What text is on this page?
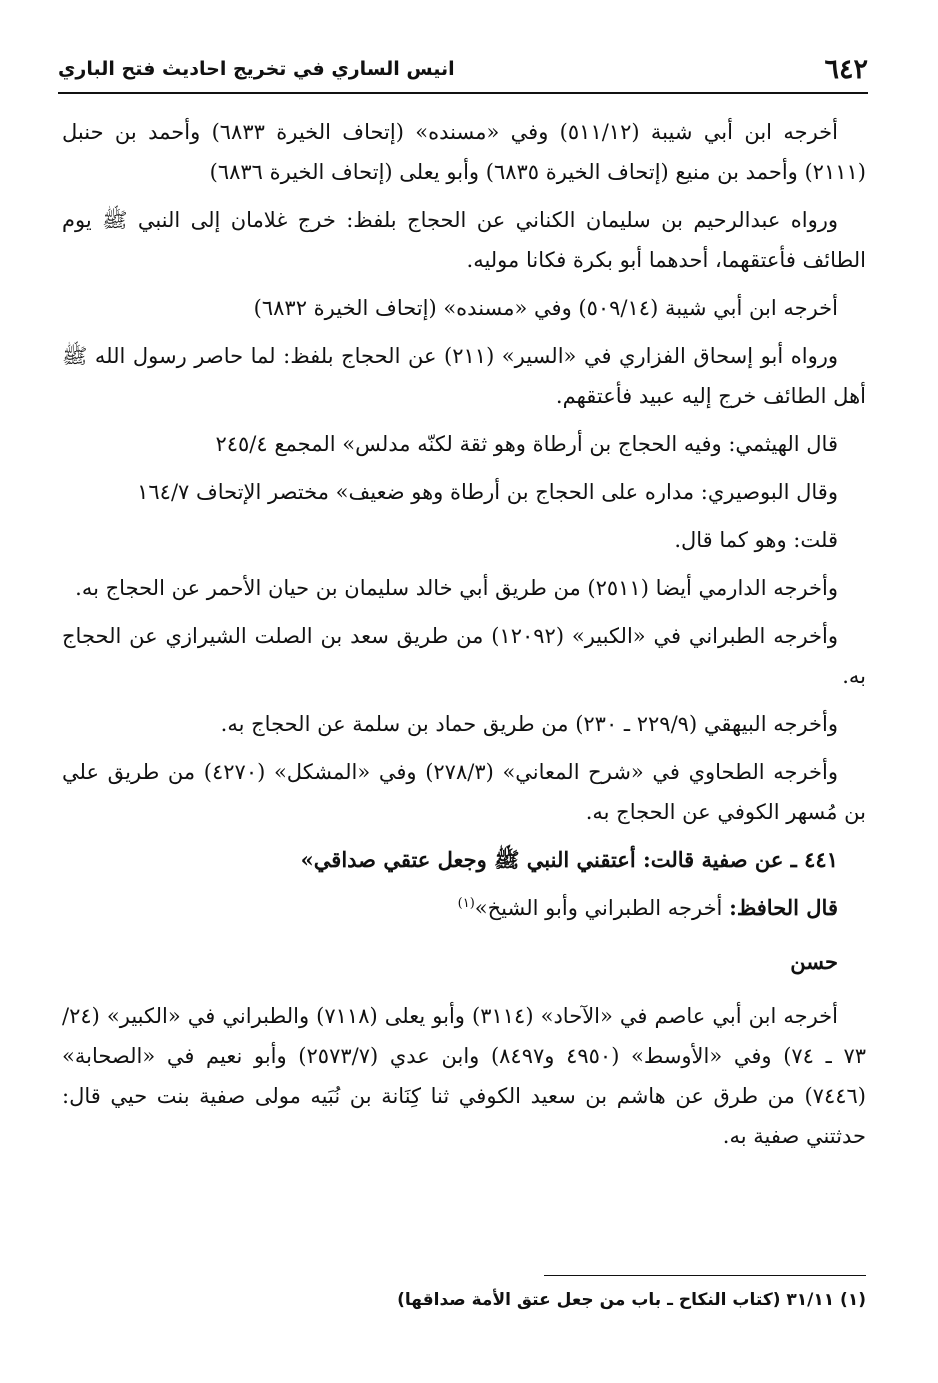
٦٤٢
انيس الساري في تخريج احاديث فتح الباري

أخرجه ابن أبي شيبة (٥١١/١٢) وفي «مسنده» (إتحاف الخيرة ٦٨٣٣) وأحمد بن حنبل (٢١١١) وأحمد بن منيع (إتحاف الخيرة ٦٨٣٥) وأبو يعلى (إتحاف الخيرة ٦٨٣٦)

ورواه عبدالرحيم بن سليمان الكناني عن الحجاج بلفظ: خرج غلامان إلى النبي ﷺ يوم الطائف فأعتقهما، أحدهما أبو بكرة فكانا موليه.

أخرجه ابن أبي شيبة (٥٠٩/١٤) وفي «مسنده» (إتحاف الخيرة ٦٨٣٢)

ورواه أبو إسحاق الفزاري في «السير» (٢١١) عن الحجاج بلفظ: لما حاصر رسول الله ﷺ أهل الطائف خرج إليه عبيد فأعتقهم.

قال الهيثمي: وفيه الحجاج بن أرطاة وهو ثقة لكنّه مدلس» المجمع ٢٤٥/٤

وقال البوصيري: مداره على الحجاج بن أرطاة وهو ضعيف» مختصر الإتحاف ١٦٤/٧

قلت: وهو كما قال.

وأخرجه الدارمي أيضا (٢٥١١) من طريق أبي خالد سليمان بن حيان الأحمر عن الحجاج به.

وأخرجه الطبراني في «الكبير» (١٢٠٩٢) من طريق سعد بن الصلت الشيرازي عن الحجاج به.

وأخرجه البيهقي (٢٢٩/٩ ـ ٢٣٠) من طريق حماد بن سلمة عن الحجاج به.

وأخرجه الطحاوي في «شرح المعاني» (٢٧٨/٣) وفي «المشكل» (٤٢٧٠) من طريق علي بن مُسهر الكوفي عن الحجاج به.

٤٤١ ـ عن صفية قالت: أعتقني النبي ﷺ وجعل عتقي صداقي»

قال الحافظ: أخرجه الطبراني وأبو الشيخ»$^{(١)}$

حسن

أخرجه ابن أبي عاصم في «الآحاد» (٣١١٤) وأبو يعلى (٧١١٨) والطبراني في «الكبير» (٢٤/ ٧٣ ـ ٧٤) وفي «الأوسط» (٤٩٥٠ و٨٤٩٧) وابن عدي (٢٥٧٣/٧) وأبو نعيم في «الصحابة» (٧٤٤٦) من طرق عن هاشم بن سعيد الكوفي ثنا كِنَانة بن نُبَيه مولى صفية بنت حيي قال: حدثتني صفية به.

(١) ٣١/١١ (كتاب النكاح ـ باب من جعل عتق الأمة صداقها)
